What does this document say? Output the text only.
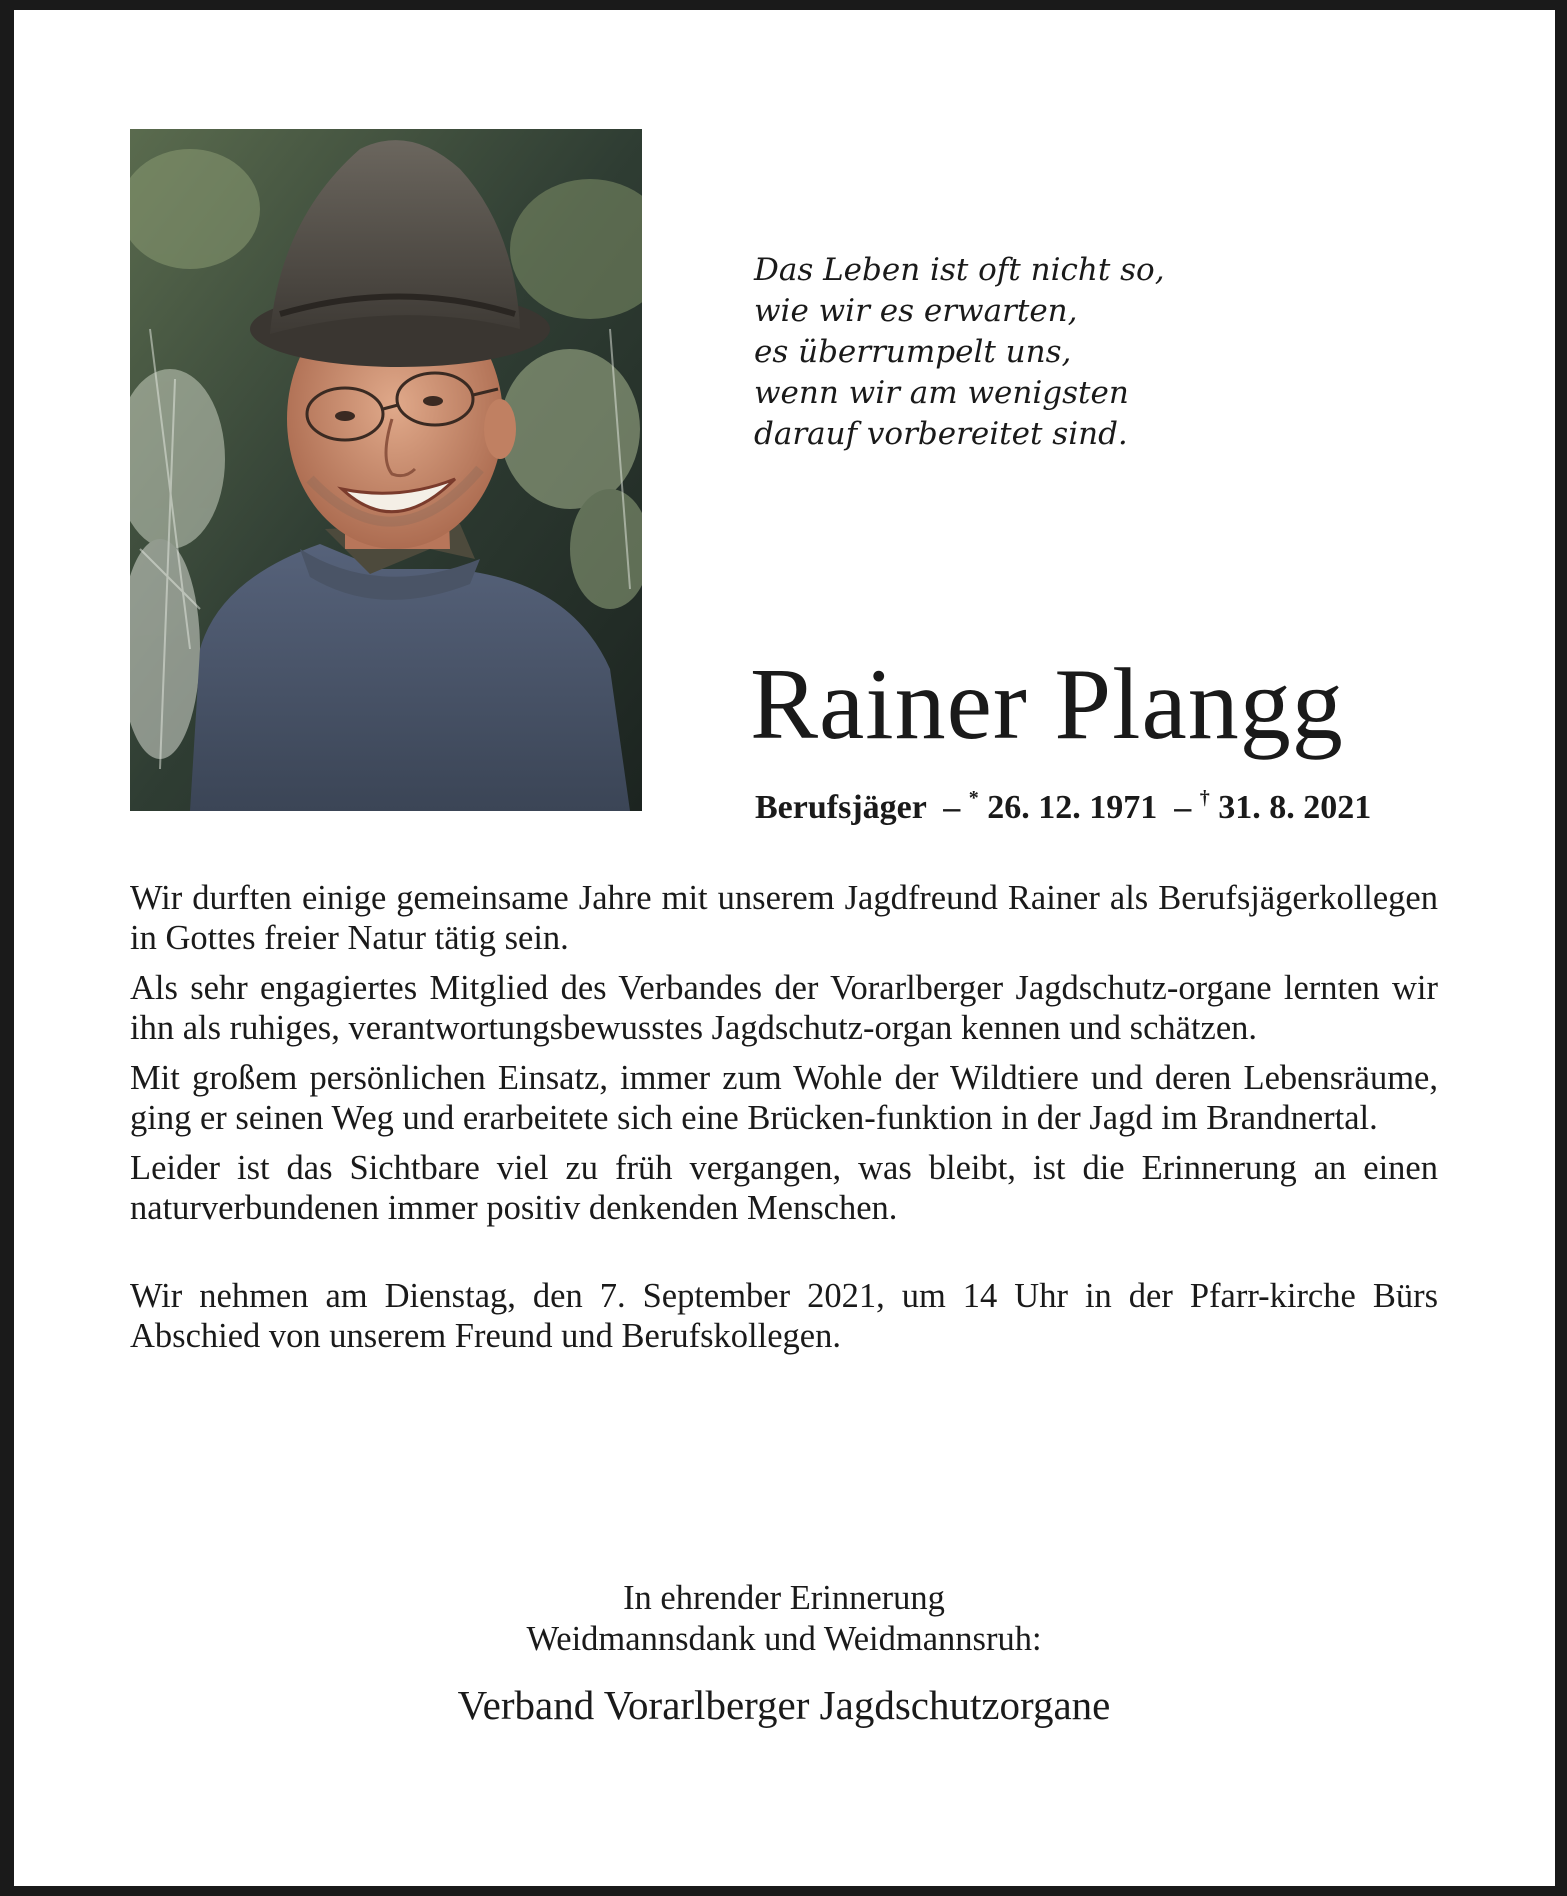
Das Leben ist oft nicht so,
wie wir es erwarten,
es überrumpelt uns,
wenn wir am wenigsten
darauf vorbereitet sind.
Rainer Plangg
Berufsjäger  – * 26. 12. 1971  – † 31. 8. 2021

Wir durften einige gemeinsame Jahre mit unserem Jagdfreund Rainer als Berufsjägerkollegen in Gottes freier Natur tätig sein.

Als sehr engagiertes Mitglied des Verbandes der Vorarlberger Jagdschutz-organe lernten wir ihn als ruhiges, verantwortungsbewusstes Jagdschutz-organ kennen und schätzen.

Mit großem persönlichen Einsatz, immer zum Wohle der Wildtiere und deren Lebensräume, ging er seinen Weg und erarbeitete sich eine Brücken-funktion in der Jagd im Brandnertal.

Leider ist das Sichtbare viel zu früh vergangen, was bleibt, ist die Erinnerung an einen naturverbundenen immer positiv denkenden Menschen.

Wir nehmen am Dienstag, den 7. September 2021, um 14 Uhr in der Pfarr-kirche Bürs Abschied von unserem Freund und Berufskollegen.

In ehrender Erinnerung
Weidmannsdank und Weidmannsruh:
Verband Vorarlberger Jagdschutzorgane
